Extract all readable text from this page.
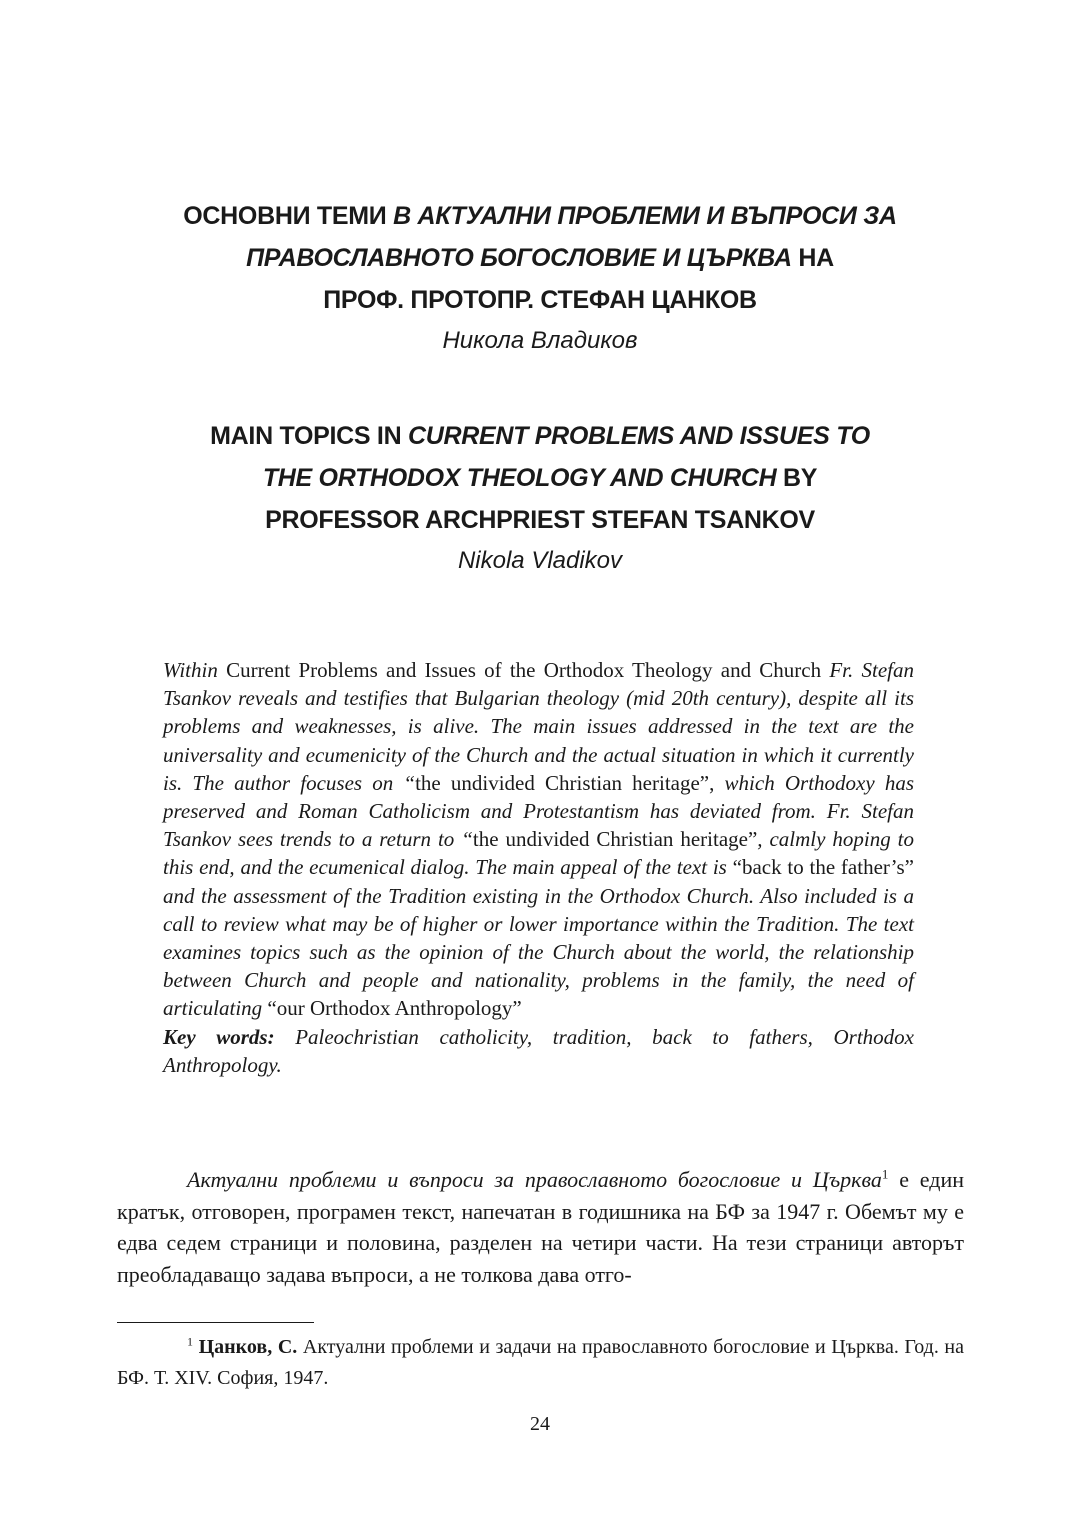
ОСНОВНИ ТЕМИ В АКТУАЛНИ ПРОБЛЕМИ И ВЪПРОСИ ЗА
ПРАВОСЛАВНОТО БОГОСЛОВИЕ И ЦЪРКВА НА
ПРОФ. ПРОТОПР. СТЕФАН ЦАНКОВ
Никола Владиков
MAIN TOPICS IN CURRENT PROBLEMS AND ISSUES TO
THE ORTHODOX THEOLOGY AND CHURCH BY
PROFESSOR ARCHPRIEST STEFAN TSANKOV
Nikola Vladikov

Within Current Problems and Issues of the Orthodox Theology and Church Fr. Stefan Tsankov reveals and testifies that Bulgarian theology (mid 20th century), despite all its problems and weaknesses, is alive. The main issues addressed in the text are the universality and ecumenicity of the Church and the actual situation in which it currently is. The author focuses on “the undivided Christian heritage”, which Orthodoxy has preserved and Roman Catholicism and Protestantism has deviated from. Fr. Stefan Tsankov sees trends to a return to “the undivided Christian heritage”, calmly hoping to this end, and the ecumenical dialog. The main appeal of the text is “back to the father’s” and the assessment of the Tradition existing in the Orthodox Church. Also included is a call to review what may be of higher or lower importance within the Tradition. The text examines topics such as the opinion of the Church about the world, the relationship between Church and people and nationality, problems in the family, the need of articulating “our Orthodox Anthropology”

Key words: Paleochristian catholicity, tradition, back to fathers, Orthodox Anthropology.

Актуални проблеми и въпроси за православното богословие и Църква$^1$ е един кратък, отговорен, програмен текст, напечатан в годишника на БФ за 1947 г. Обемът му е едва седем страници и половина, разделен на четири части. На тези страници авторът преобладаващо задава въпроси, а не толкова дава отго-

$^1$ Цанков, С. Актуални проблеми и задачи на православното богословие и Църква. Год. на БФ. Т. XIV. София, 1947.
24
